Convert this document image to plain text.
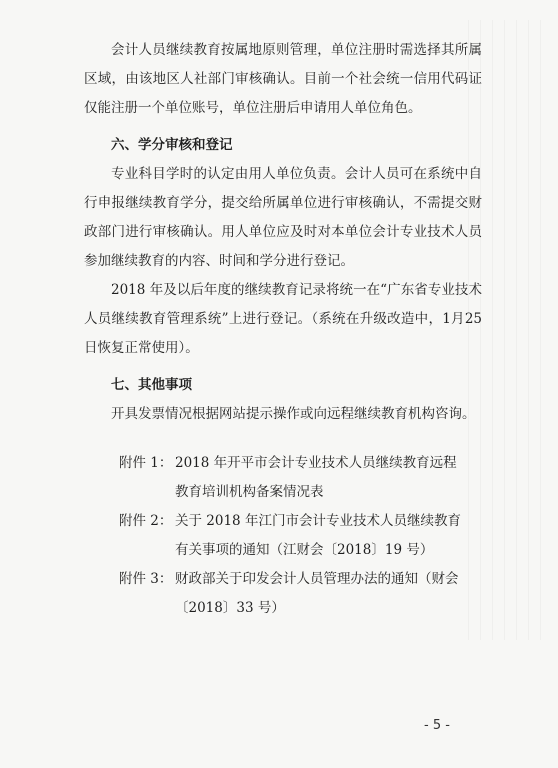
会计人员继续教育按属地原则管理，单位注册时需选择其所属区域，由该地区人社部门审核确认。目前一个社会统一信用代码证仅能注册一个单位账号，单位注册后申请用人单位角色。

六、学分审核和登记

专业科目学时的认定由用人单位负责。会计人员可在系统中自行申报继续教育学分，提交给所属单位进行审核确认，不需提交财政部门进行审核确认。用人单位应及时对本单位会计专业技术人员参加继续教育的内容、时间和学分进行登记。

2018 年及以后年度的继续教育记录将统一在“广东省专业技术人员继续教育管理系统”上进行登记。（系统在升级改造中，1月25日恢复正常使用）。

七、其他事项

开具发票情况根据网站提示操作或向远程继续教育机构咨询。

附件 1： 2018 年开平市会计专业技术人员继续教育远程
教育培训机构备案情况表

附件 2： 关于 2018 年江门市会计专业技术人员继续教育
有关事项的通知（江财会〔2018〕19 号）

附件 3： 财政部关于印发会计人员管理办法的通知（财会
〔2018〕33 号）

- 5 -
